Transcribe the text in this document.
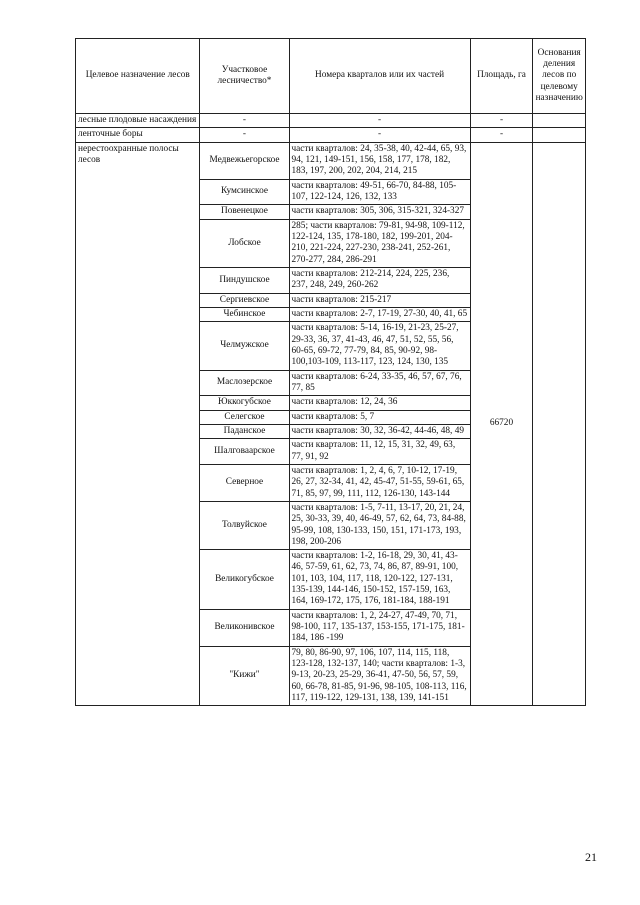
Целевое назначение лесов	Участковое лесничество*	Номера кварталов или их частей	Площадь, га	Основания деления лесов по целевому назначению
лесные плодовые насаждения	-	-	-	
ленточные боры	-	-	-	
нерестоохранные полосы лесов	Медвежьегорское	части кварталов: 24, 35-38, 40, 42-44, 65, 93, 94, 121, 149-151, 156, 158, 177, 178, 182, 183, 197, 200, 202, 204, 214, 215	66720	
	Кумсинское	части кварталов: 49-51, 66-70, 84-88, 105-107, 122-124, 126, 132, 133		
	Повенецкое	части кварталов: 305, 306, 315-321, 324-327		
	Лобское	285; части кварталов: 79-81, 94-98, 109-112, 122-124, 135, 178-180, 182, 199-201, 204-210, 221-224, 227-230, 238-241, 252-261, 270-277, 284, 286-291		
	Пиндушское	части кварталов: 212-214, 224, 225, 236, 237, 248, 249, 260-262		
	Сергиевское	части кварталов: 215-217		
	Чебинское	части кварталов: 2-7, 17-19, 27-30, 40, 41, 65		
	Челмужское	части кварталов: 5-14, 16-19, 21-23, 25-27, 29-33, 36, 37, 41-43, 46, 47, 51, 52, 55, 56, 60-65, 69-72, 77-79, 84, 85, 90-92, 98-100,103-109, 113-117, 123, 124, 130, 135		
	Маслозерское	части кварталов: 6-24, 33-35, 46, 57, 67, 76, 77, 85		
	Юккогубское	части кварталов: 12, 24, 36		
	Селегское	части кварталов: 5, 7		
	Паданское	части кварталов: 30, 32, 36-42, 44-46, 48, 49		
	Шалговаарское	части кварталов: 11, 12, 15, 31, 32, 49, 63, 77, 91, 92		
	Северное	части кварталов: 1, 2, 4, 6, 7, 10-12, 17-19, 26, 27, 32-34, 41, 42, 45-47, 51-55, 59-61, 65, 71, 85, 97, 99, 111, 112, 126-130, 143-144		
	Толвуйское	части кварталов: 1-5, 7-11, 13-17, 20, 21, 24, 25, 30-33, 39, 40, 46-49, 57, 62, 64, 73, 84-88, 95-99, 108, 130-133, 150, 151, 171-173, 193, 198, 200-206		
	Великогубское	части кварталов: 1-2, 16-18, 29, 30, 41, 43-46, 57-59, 61, 62, 73, 74, 86, 87, 89-91, 100, 101, 103, 104, 117, 118, 120-122, 127-131, 135-139, 144-146, 150-152, 157-159, 163, 164, 169-172, 175, 176, 181-184, 188-191		
	Великонивское	части кварталов: 1, 2, 24-27, 47-49, 70, 71, 98-100, 117, 135-137, 153-155, 171-175, 181-184, 186 -199		
	"Кижи"	79, 80, 86-90, 97, 106, 107, 114, 115, 118, 123-128, 132-137, 140; части кварталов: 1-3, 9-13, 20-23, 25-29, 36-41, 47-50, 56, 57, 59, 60, 66-78, 81-85, 91-96, 98-105, 108-113, 116, 117, 119-122, 129-131, 138, 139, 141-151		
21
